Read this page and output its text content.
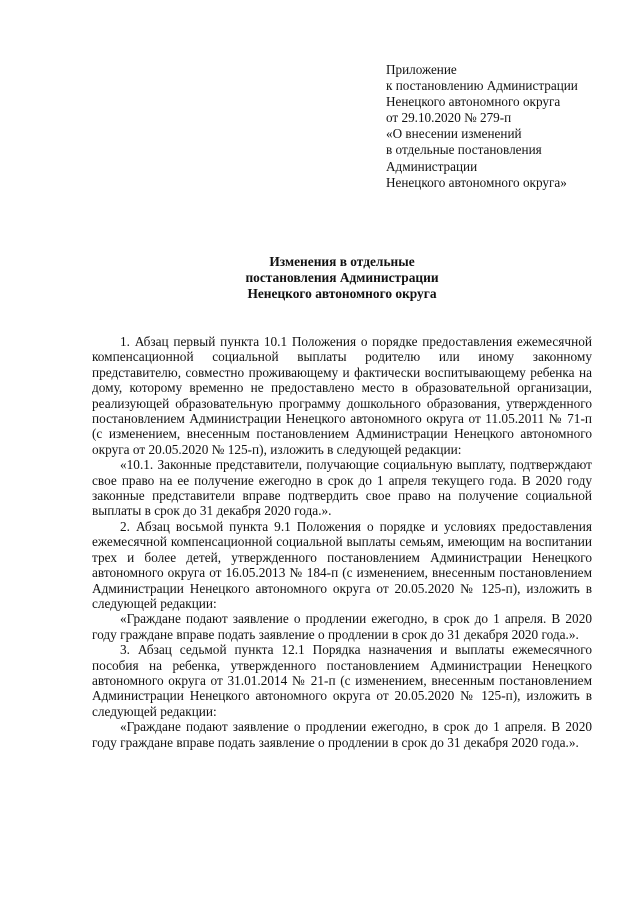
Приложение
к постановлению Администрации
Ненецкого автономного округа
от 29.10.2020 № 279-п
«О внесении изменений
в отдельные постановления
Администрации
Ненецкого автономного округа»
Изменения в отдельные
постановления Администрации
Ненецкого автономного округа

1. Абзац первый пункта 10.1 Положения о порядке предоставления ежемесячной компенсационной социальной выплаты родителю или иному законному представителю, совместно проживающему и фактически воспитывающему ребенка на дому, которому временно не предоставлено место в образовательной организации, реализующей образовательную программу дошкольного образования, утвержденного постановлением Администрации Ненецкого автономного округа от 11.05.2011 № 71-п (с изменением, внесенным постановлением Администрации Ненецкого автономного округа от 20.05.2020 № 125-п), изложить в следующей редакции:

«10.1. Законные представители, получающие социальную выплату, подтверждают свое право на ее получение ежегодно в срок до 1 апреля текущего года. В 2020 году законные представители вправе подтвердить свое право на получение социальной выплаты в срок до 31 декабря 2020 года.».

2. Абзац восьмой пункта 9.1 Положения о порядке и условиях предоставления ежемесячной компенсационной социальной выплаты семьям, имеющим на воспитании трех и более детей, утвержденного постановлением Администрации Ненецкого автономного округа от 16.05.2013 № 184-п (с изменением, внесенным постановлением Администрации Ненецкого автономного округа от 20.05.2020 № 125-п), изложить в следующей редакции:

«Граждане подают заявление о продлении ежегодно, в срок до 1 апреля. В 2020 году граждане вправе подать заявление о продлении в срок до 31 декабря 2020 года.».

3. Абзац седьмой пункта 12.1 Порядка назначения и выплаты ежемесячного пособия на ребенка, утвержденного постановлением Администрации Ненецкого автономного округа от 31.01.2014 № 21-п (с изменением, внесенным постановлением Администрации Ненецкого автономного округа от 20.05.2020 № 125-п), изложить в следующей редакции:

«Граждане подают заявление о продлении ежегодно, в срок до 1 апреля. В 2020 году граждане вправе подать заявление о продлении в срок до 31 декабря 2020 года.».
